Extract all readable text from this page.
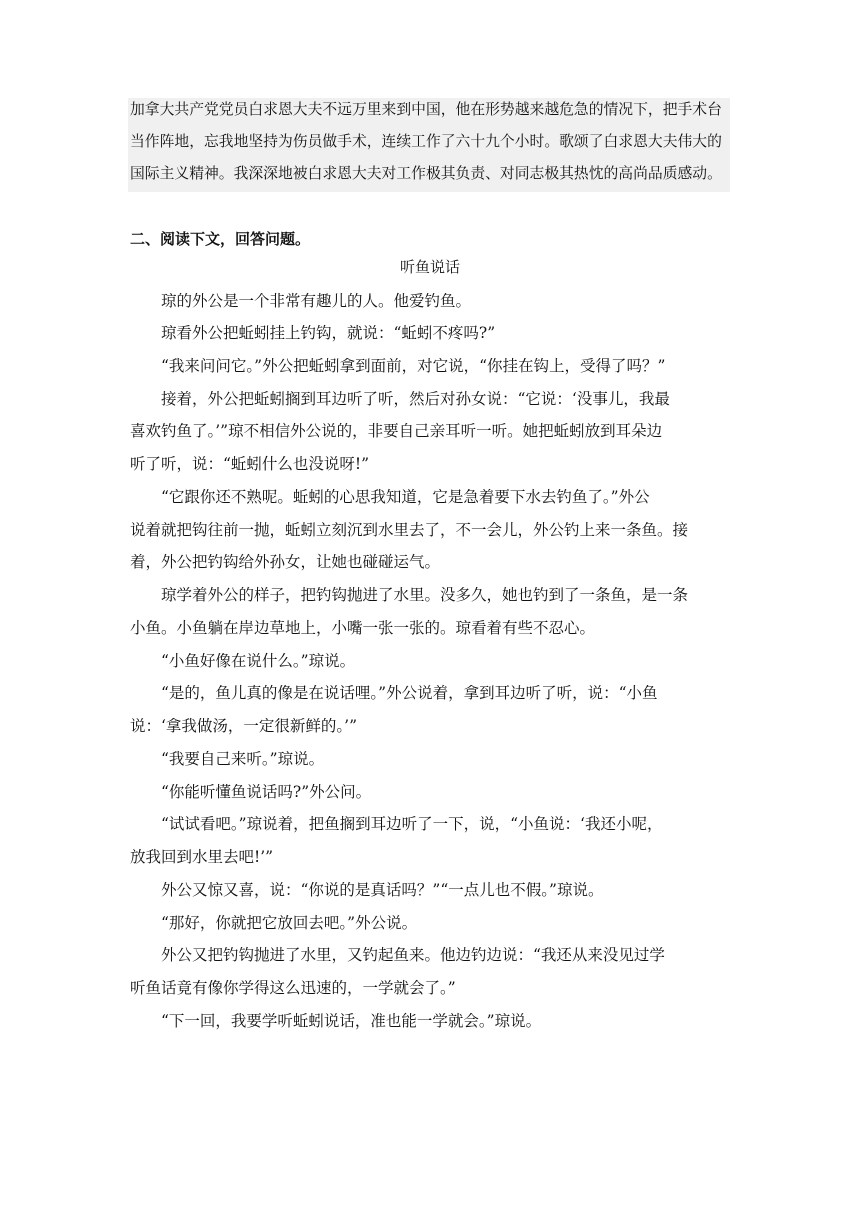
加拿大共产党党员白求恩大夫不远万里来到中国，他在形势越来越危急的情况下，把手术台
当作阵地，忘我地坚持为伤员做手术，连续工作了六十九个小时。歌颂了白求恩大夫伟大的
国际主义精神。我深深地被白求恩大夫对工作极其负责、对同志极其热忱的高尚品质感动。
二、阅读下文，回答问题。
听鱼说话
琼的外公是一个非常有趣儿的人。他爱钓鱼。
琼看外公把蚯蚓挂上钓钩，就说：“蚯蚓不疼吗?”
“我来问问它。”外公把蚯蚓拿到面前，对它说，“你挂在钩上，受得了吗？”
接着，外公把蚯蚓搁到耳边听了听，然后对孙女说：“它说：‘没事儿，我最
喜欢钓鱼了。’”琼不相信外公说的，非要自己亲耳听一听。她把蚯蚓放到耳朵边
听了听，说：“蚯蚓什么也没说呀!”
“它跟你还不熟呢。蚯蚓的心思我知道，它是急着要下水去钓鱼了。”外公
说着就把钩往前一抛，蚯蚓立刻沉到水里去了，不一会儿，外公钓上来一条鱼。接
着，外公把钓钩给外孙女，让她也碰碰运气。
琼学着外公的样子，把钓钩抛进了水里。没多久，她也钓到了一条鱼，是一条
小鱼。小鱼躺在岸边草地上，小嘴一张一张的。琼看着有些不忍心。
“小鱼好像在说什么。”琼说。
“是的，鱼儿真的像是在说话哩。”外公说着，拿到耳边听了听，说：“小鱼
说：‘拿我做汤，一定很新鲜的。’”
“我要自己来听。”琼说。
“你能听懂鱼说话吗?”外公问。
“试试看吧。”琼说着，把鱼搁到耳边听了一下，说，“小鱼说：‘我还小呢，
放我回到水里去吧!’”
外公又惊又喜，说：“你说的是真话吗？”“一点儿也不假。”琼说。
“那好，你就把它放回去吧。”外公说。
外公又把钓钩抛进了水里，又钓起鱼来。他边钓边说：“我还从来没见过学
听鱼话竟有像你学得这么迅速的，一学就会了。”
“下一回，我要学听蚯蚓说话，准也能一学就会。”琼说。
